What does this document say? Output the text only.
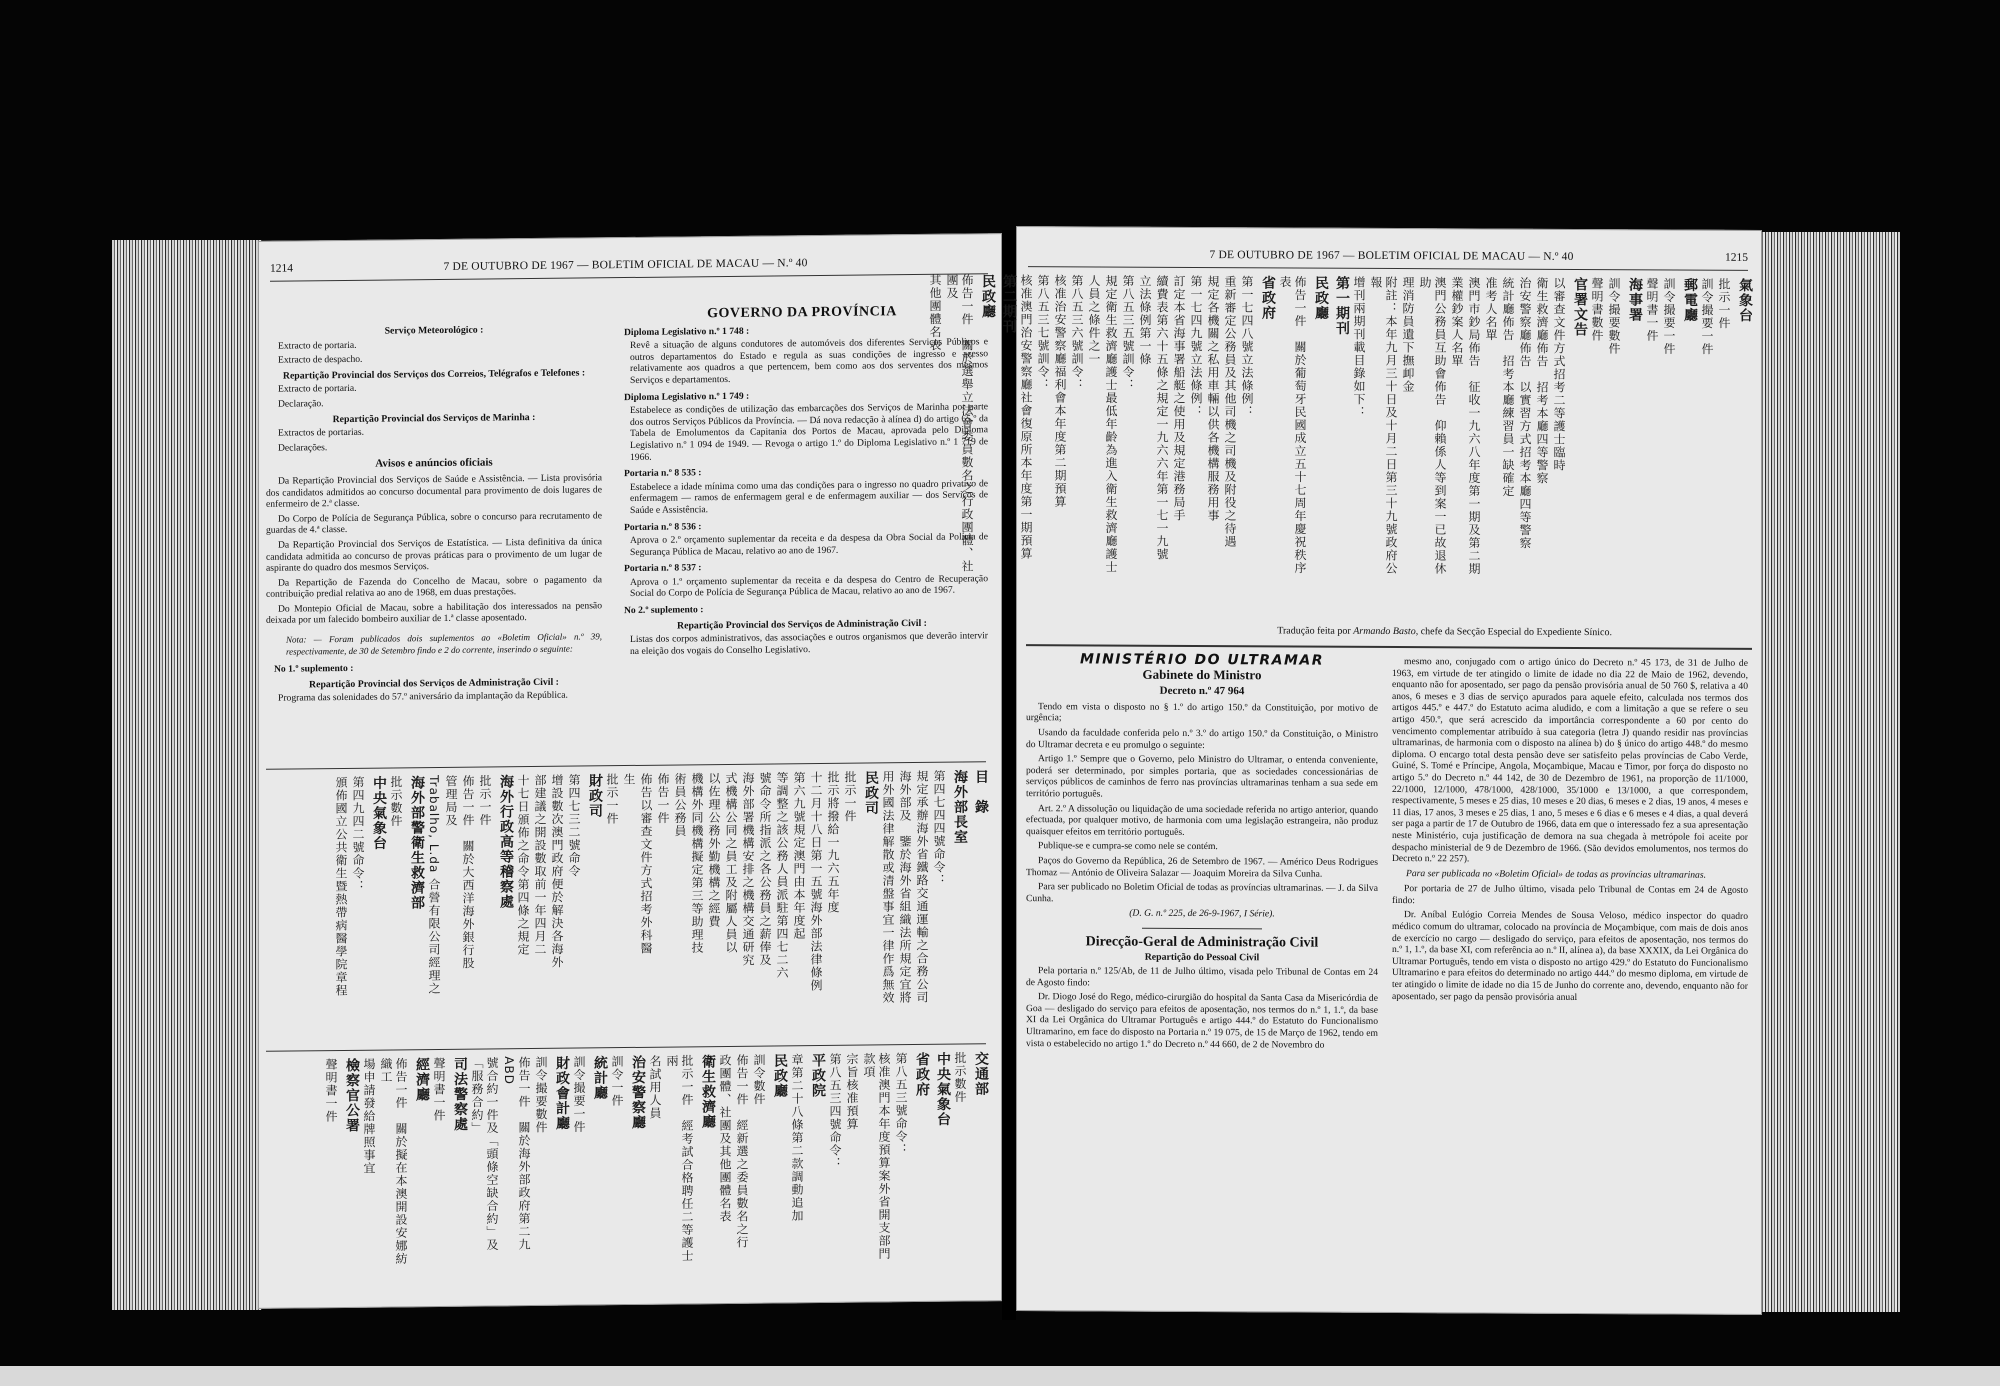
1214	7 DE OUTUBRO DE 1967 — BOLETIM OFICIAL DE MACAU — N.º 40
Serviço Meteorológico :
Extracto de portaria.
Extracto de despacho.
Repartição Provincial dos Serviços dos Correios, Telégrafos e Telefones :
Extracto de portaria.
Declaração.
Repartição Provincial dos Serviços de Marinha :
Extractos de portarias.
Declarações.
Avisos e anúncios oficiais
Da Repartição Provincial dos Serviços de Saúde e Assistência. — Lista provisória dos candidatos admitidos ao concurso documental para provimento de dois lugares de enfermeiro de 2.ª classe.
Do Corpo de Polícia de Segurança Pública, sobre o concurso para recrutamento de guardas de 4.ª classe.
Da Repartição Provincial dos Serviços de Estatística. — Lista definitiva da única candidata admitida ao concurso de provas práticas para o provimento de um lugar de aspirante do quadro dos mesmos Serviços.
Da Repartição de Fazenda do Concelho de Macau, sobre o pagamento da contribuição predial relativa ao ano de 1968, em duas prestações.
Do Montepio Oficial de Macau, sobre a habilitação dos interessados na pensão deixada por um falecido bombeiro auxiliar de 1.ª classe aposentado.
Nota: — Foram publicados dois suplementos ao «Boletim Oficial» n.º 39, respectivamente, de 30 de Setembro findo e 2 do corrente, inserindo o seguinte:
No 1.º suplemento :
Repartição Provincial dos Serviços de Administração Civil :
Programa das solenidades do 57.º aniversário da implantação da República.
GOVERNO DA PROVÍNCIA
Diploma Legislativo n.º 1 748 :
Revê a situação de alguns condutores de automóveis dos diferentes Serviços Públicos e outros departamentos do Estado e regula as suas condições de ingresso e acesso relativamente aos quadros a que pertencem, bem como aos dos serventes dos mesmos Serviços e departamentos.
Diploma Legislativo n.º 1 749 :
Estabelece as condições de utilização das embarcações dos Serviços de Marinha por parte dos outros Serviços Públicos da Província. — Dá nova redacção à alínea d) do artigo 65.º da Tabela de Emolumentos da Capitania dos Portos de Macau, aprovada pelo Diploma Legislativo n.º 1 094 de 1949. — Revoga o artigo 1.º do Diploma Legislativo n.º 1 719 de 1966.
Portaria n.º 8 535 :
Estabelece a idade mínima como uma das condições para o ingresso no quadro privativo de enfermagem — ramos de enfermagem geral e de enfermagem auxiliar — dos Serviços de Saúde e Assistência.
Portaria n.º 8 536 :
Aprova o 2.º orçamento suplementar da receita e da despesa da Obra Social da Polícia de Segurança Pública de Macau, relativo ao ano de 1967.
Portaria n.º 8 537 :
Aprova o 1.º orçamento suplementar da receita e da despesa do Centro de Recuperação Social do Corpo de Polícia de Segurança Pública de Macau, relativo ao ano de 1967.
No 2.º suplemento :
Repartição Provincial dos Serviços de Administração Civil :
Listas dos corpos administrativos, das associações e outros organismos que deverão intervir na eleição dos vogais do Conselho Legislativo.
目　錄
海外部長室
第四七四四號命令：
規定承辦海外省鐵路交通運輸之合務公司
海外部及　鑒於海外省組織法所規定宜將
用外國法律解散或清盤事宜一律作爲無效
民政司
批示一件
批示將撥給一九六五年度
十二月十八日第一五號海外部法律條例
第六九號規定澳門由本年度起
等調整之該公務人員派駐第四七二六
號命令所指派之各公務員之薪俸及
海外部署機構安排之機構交通研究
式機構公同之員工及附屬人員以
以佐理公務外勤機構之經費
機構外同機構擬定第三等助理技
術員公務員
佈告一件
佈告以審查文件方式招考外科醫
生
批示一件
財政司
第四七三二號命令
增設數次澳門政府便於解決各海外
部建議之開設數取前一年四月二
十七日頒佈之命令第四條之規定
海外行政高等稽察處
批示一件
佈告一件　關於大西洋海外銀行股
管理局及
Trabalho, L.da 合營有限公司經理之
海外部警衛生救濟部
批示數件
中央氣象台
第四九四二號命令：
頒佈國立公共衛生暨熱帶病醫學院章程
交通部
批示數件
中央氣象台
省政府
第八五三號命令：
核准澳門本年度預算案外省開支部門款項
宗旨核准預算
第八五三四號命令：
平政院
章第二十八條第二款調動追加
民政廳
訓令數件
佈告一件　經新選之委員數名之行
政團體、社團及其他團體名表
衛生救濟廳
批示一件　經考試合格聘任二等護士兩
名試用人員
治安警察廳
訓令一件
統計廳
訓令撮要一件
財政會計廳
訓令撮要數件
佈告一件　關於海外部政府第二九ABD
號合約一件及「頭條空缺合約」及「服務合約」
司法警察處
聲明書一件
經濟廳
佈告一件　關於擬在本澳開設安娜紡織工
場申請發給牌照事宜
檢察官公署
聲明書一件
7 DE OUTUBRO DE 1967 — BOLETIM OFICIAL DE MACAU — N.º 40	1215
氣象台
批示一件
訓令撮要一件
郵電廳
訓令撮要一件
聲明書一件
海事署
訓令撮要數件
聲明書數件
官署文告
以審查文件方式招考二等護士臨時
衛生救濟廳佈告　招考本廳四等警察
治安警察廳佈告　以實習方式招考本廳四等警察
統計廳佈告　招考本廳練習員一缺確定
准考人名單
澳門市鈔局佈告　征收一九六八年度第一期及第二期
業權鈔案人名單
澳門公務員互助會佈告　仰賴係人等到案一已故退休助
理消防員遺下撫卹金
附註：本年九月三十日及十月二日第三十九號政府公報
增刊兩期刊載目錄如下：
第一期刊
民政廳
佈告一件　關於葡萄牙民國成立五十七周年慶祝秩序表
省政府
第一七四八號立法條例：
重新審定公務員及其他司機之司機及附役之待遇
規定各機關之私用車輛以供各機構服務用事
第一七四九號立法條例：
訂定本省海事署船艇之使用及規定港務局手
續費表第六十五條之規定一九六六年第一七一九號
立法條例第一條
第八五三五號訓令：
規定衛生救濟廳護士最低年齡為進入衛生救濟廳護士
人員之條件之一
第八五三六號訓令：
核准治安警察廳福利會本年度第二期預算
第八五三七號訓令：
核准澳門治安警察廳社會復原所本年度第一期預算
第二期刊
民政廳
佈告一件　關於選舉立法會委員數名之行政團體、社團及
其他團體名表
Tradução feita por Armando Basto, chefe da Secção Especial do Expediente Sínico.
MINISTÉRIO DO ULTRAMAR
Gabinete do Ministro
Decreto n.º 47 964
Tendo em vista o disposto no § 1.º do artigo 150.º da Constituição, por motivo de urgência;
Usando da faculdade conferida pelo n.º 3.º do artigo 150.º da Constituição, o Ministro do Ultramar decreta e eu promulgo o seguinte:
Artigo 1.º Sempre que o Governo, pelo Ministro do Ultramar, o entenda conveniente, poderá ser determinado, por simples portaria, que as sociedades concessionárias de serviços públicos de caminhos de ferro nas províncias ultramarinas tenham a sua sede em território português.
Art. 2.º A dissolução ou liquidação de uma sociedade referida no artigo anterior, quando efectuada, por qualquer motivo, de harmonia com uma legislação estrangeira, não produz quaisquer efeitos em território português.
Publique-se e cumpra-se como nele se contém.
Paços do Governo da República, 26 de Setembro de 1967. — Américo Deus Rodrigues Thomaz — António de Oliveira Salazar — Joaquim Moreira da Silva Cunha.
Para ser publicado no Boletim Oficial de todas as províncias ultramarinas. — J. da Silva Cunha.
(D. G. n.º 225, de 26-9-1967, I Série).
Direcção-Geral de Administração Civil
Repartição do Pessoal Civil
Pela portaria n.º 125/Ab, de 11 de Julho último, visada pelo Tribunal de Contas em 24 de Agosto findo:
Dr. Diogo José do Rego, médico-cirurgião do hospital da Santa Casa da Misericórdia de Goa — desligado do serviço para efeitos de aposentação, nos termos do n.º 1, 1.º, da base XI da Lei Orgânica do Ultramar Português e artigo 444.º do Estatuto do Funcionalismo Ultramarino, em face do disposto na Portaria n.º 19 075, de 15 de Março de 1962, tendo em vista o estabelecido no artigo 1.º do Decreto n.º 44 660, de 2 de Novembro do
mesmo ano, conjugado com o artigo único do Decreto n.º 45 173, de 31 de Julho de 1963, em virtude de ter atingido o limite de idade no dia 22 de Maio de 1962, devendo, enquanto não for aposentado, ser pago da pensão provisória anual de 50 760 $, relativa a 40 anos, 6 meses e 3 dias de serviço apurados para aquele efeito, calculada nos termos dos artigos 445.º e 447.º do Estatuto acima aludido, e com a limitação a que se refere o seu artigo 450.º, que será acrescido da importância correspondente a 60 por cento do vencimento complementar atribuído à sua categoria (letra J) quando residir nas províncias ultramarinas, de harmonia com o disposto na alínea b) do § único do artigo 448.º do mesmo diploma. O encargo total desta pensão deve ser satisfeito pelas províncias de Cabo Verde, Guiné, S. Tomé e Príncipe, Angola, Moçambique, Macau e Timor, por força do disposto no artigo 5.º do Decreto n.º 44 142, de 30 de Dezembro de 1961, na proporção de 11/1000, 22/1000, 12/1000, 478/1000, 428/1000, 35/1000 e 13/1000, a que correspondem, respectivamente, 5 meses e 25 dias, 10 meses e 20 dias, 6 meses e 2 dias, 19 anos, 4 meses e 11 dias, 17 anos, 3 meses e 25 dias, 1 ano, 5 meses e 6 dias e 6 meses e 4 dias, a qual deverá ser paga a partir de 17 de Outubro de 1966, data em que o interessado fez a sua apresentação neste Ministério, cuja justificação de demora na sua chegada à metrópole foi aceite por despacho ministerial de 9 de Dezembro de 1966. (São devidos emolumentos, nos termos do Decreto n.º 22 257).
Para ser publicada no «Boletim Oficial» de todas as províncias ultramarinas.
Por portaria de 27 de Julho último, visada pelo Tribunal de Contas em 24 de Agosto findo:
Dr. Aníbal Eulógio Correia Mendes de Sousa Veloso, médico inspector do quadro médico comum do ultramar, colocado na província de Moçambique, com mais de dois anos de exercício no cargo — desligado do serviço, para efeitos de aposentação, nos termos do n.º 1, 1.º, da base XI, com referência ao n.º II, alínea a), da base XXXIX, da Lei Orgânica do Ultramar Português, tendo em vista o disposto no artigo 429.º do Estatuto do Funcionalismo Ultramarino e para efeitos do determinado no artigo 444.º do mesmo diploma, em virtude de ter atingido o limite de idade no dia 15 de Junho do corrente ano, devendo, enquanto não for aposentado, ser pago da pensão provisória anual
